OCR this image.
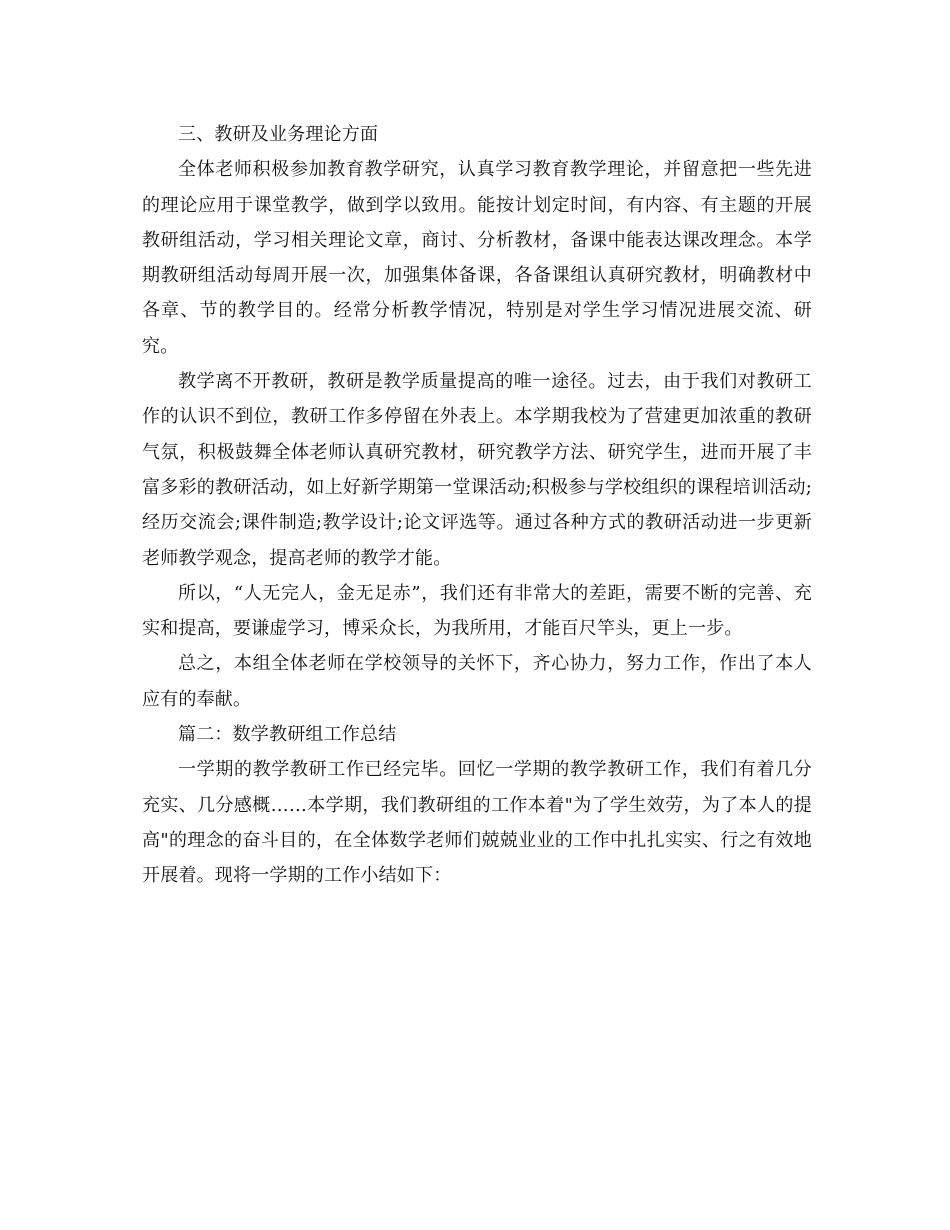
三、教研及业务理论方面

全体老师积极参加教育教学研究，认真学习教育教学理论，并留意把一些先进的理论应用于课堂教学，做到学以致用。能按计划定时间，有内容、有主题的开展教研组活动，学习相关理论文章，商讨、分析教材，备课中能表达课改理念。本学期教研组活动每周开展一次，加强集体备课，各备课组认真研究教材，明确教材中各章、节的教学目的。经常分析教学情况，特别是对学生学习情况进展交流、研究。

教学离不开教研，教研是教学质量提高的唯一途径。过去，由于我们对教研工作的认识不到位，教研工作多停留在外表上。本学期我校为了营建更加浓重的教研气氛，积极鼓舞全体老师认真研究教材，研究教学方法、研究学生，进而开展了丰富多彩的教研活动，如上好新学期第一堂课活动;积极参与学校组织的课程培训活动;经历交流会;课件制造;教学设计;论文评选等。通过各种方式的教研活动进一步更新老师教学观念，提高老师的教学才能。

所以，“人无完人，金无足赤”，我们还有非常大的差距，需要不断的完善、充实和提高，要谦虚学习，博采众长，为我所用，才能百尺竿头，更上一步。

总之，本组全体老师在学校领导的关怀下，齐心协力，努力工作，作出了本人应有的奉献。

篇二：数学教研组工作总结

一学期的教学教研工作已经完毕。回忆一学期的教学教研工作，我们有着几分充实、几分感概……本学期，我们教研组的工作本着"为了学生效劳，为了本人的提高"的理念的奋斗目的，在全体数学老师们兢兢业业的工作中扎扎实实、行之有效地开展着。现将一学期的工作小结如下：
